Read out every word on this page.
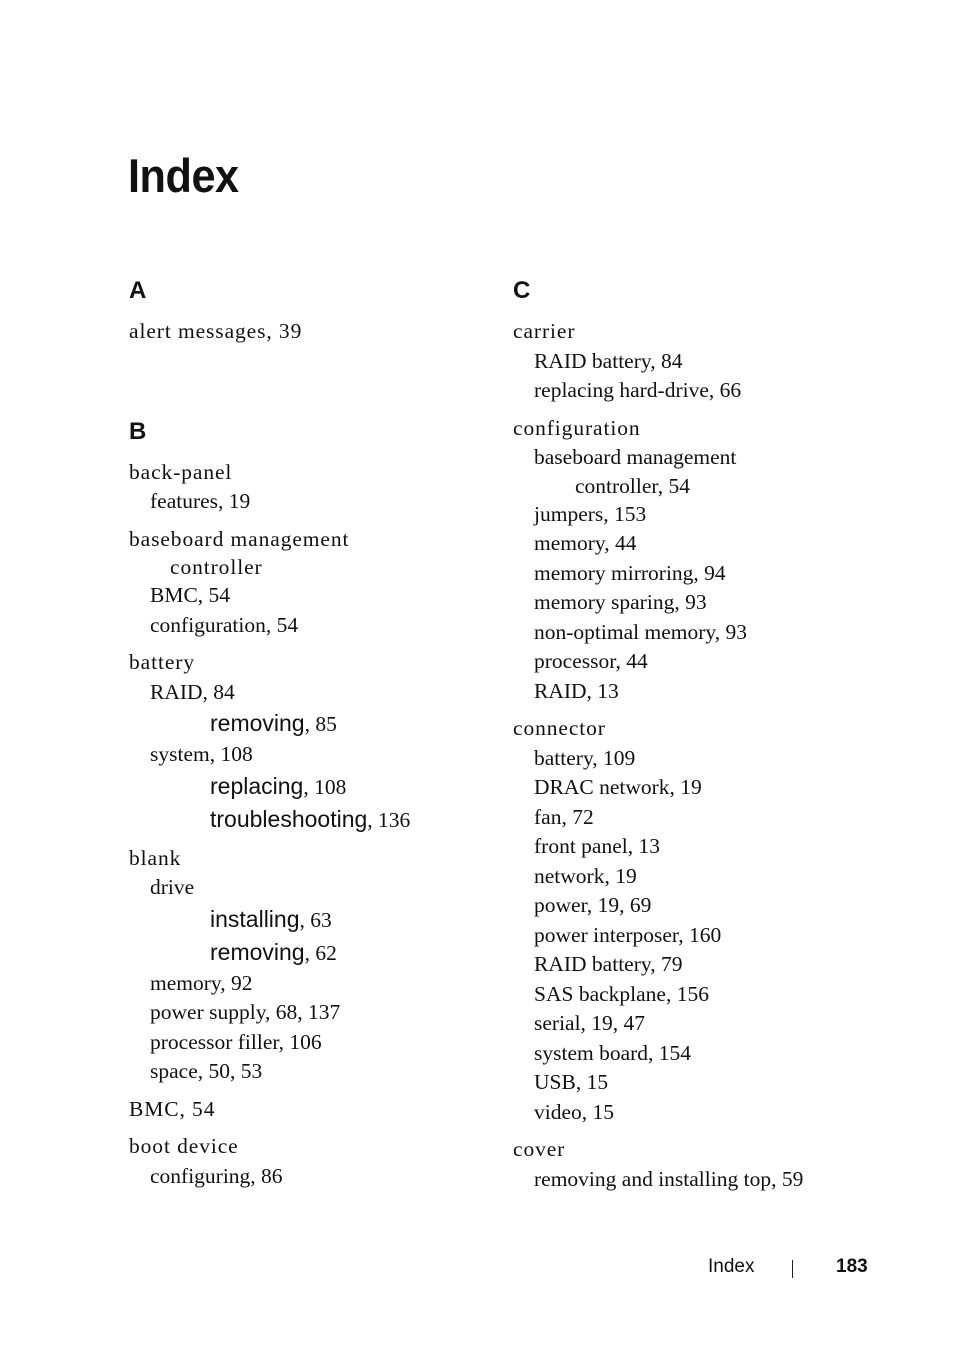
Index
A
alert messages, 39
B
back-panel
features, 19
baseboard management
controller
BMC, 54
configuration, 54
battery
RAID, 84
removing, 85
system, 108
replacing, 108
troubleshooting, 136
blank
drive
installing, 63
removing, 62
memory, 92
power supply, 68, 137
processor filler, 106
space, 50, 53
BMC, 54
boot device
configuring, 86
C
carrier
RAID battery, 84
replacing hard-drive, 66
configuration
baseboard management
controller, 54
jumpers, 153
memory, 44
memory mirroring, 94
memory sparing, 93
non-optimal memory, 93
processor, 44
RAID, 13
connector
battery, 109
DRAC network, 19
fan, 72
front panel, 13
network, 19
power, 19, 69
power interposer, 160
RAID battery, 79
SAS backplane, 156
serial, 19, 47
system board, 154
USB, 15
video, 15
cover
removing and installing top, 59
Index	183
